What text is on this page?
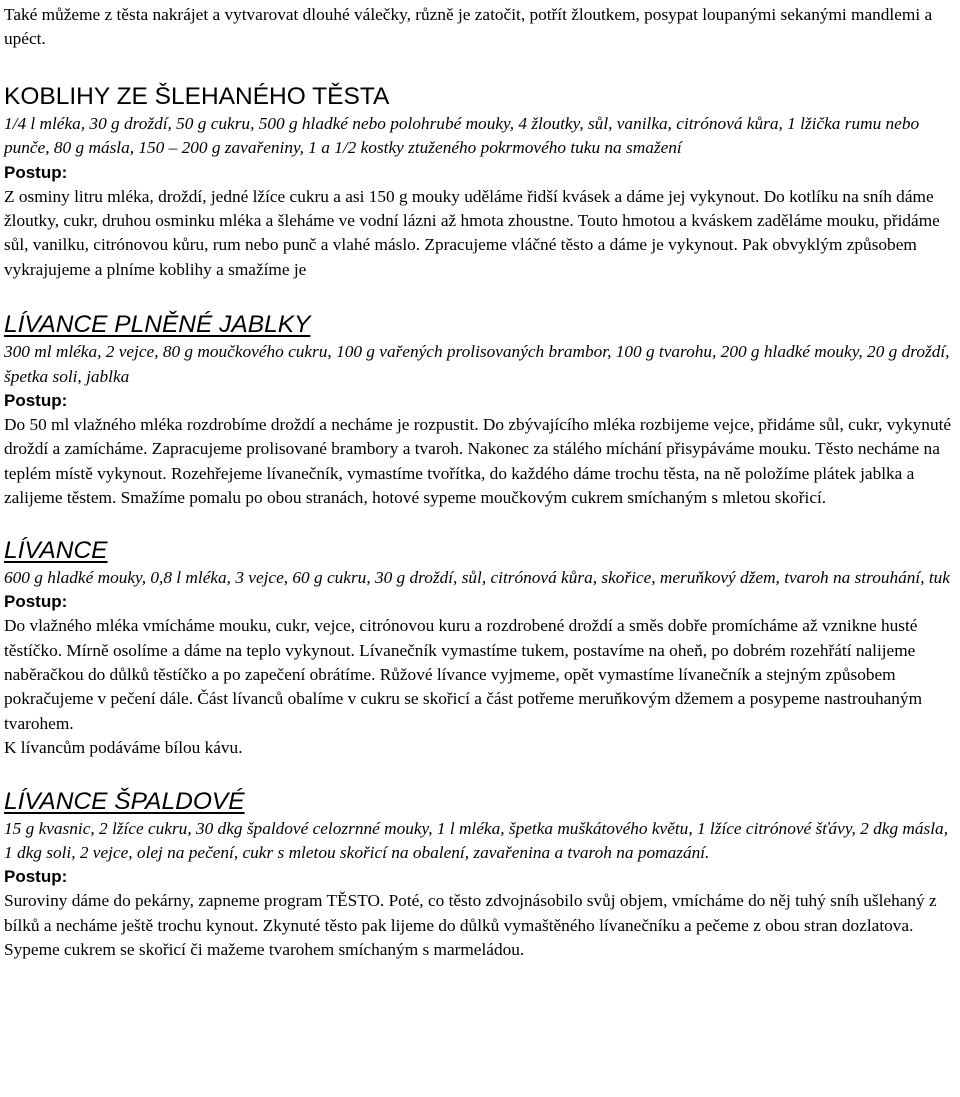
Také můžeme z těsta nakrájet a vytvarovat dlouhé válečky, různě je zatočit, potřít žloutkem, posypat loupanými sekanými mandlemi a upéct.

KOBLIHY ZE ŠLEHANÉHO TĚSTA

1/4 l mléka, 30 g droždí, 50 g cukru, 500 g hladké nebo polohrubé mouky, 4 žloutky, sůl, vanilka, citrónová kůra, 1 lžička rumu nebo punče, 80 g másla, 150 – 200 g zavařeniny, 1 a 1/2 kostky ztuženého pokrmového tuku na smažení

Postup:

Z osminy litru mléka, droždí, jedné lžíce cukru a asi 150 g mouky uděláme řidší kvásek a dáme jej vykynout. Do kotlíku na sníh dáme žloutky, cukr, druhou osminku mléka a šleháme ve vodní lázni až hmota zhoustne. Touto hmotou a kváskem zaděláme mouku, přidáme sůl, vanilku, citrónovou kůru, rum nebo punč a vlahé máslo. Zpracujeme vláčné těsto a dáme je vykynout. Pak obvyklým způsobem vykrajujeme a plníme koblihy a smažíme je

LÍVANCE PLNĚNÉ JABLKY

300 ml mléka, 2 vejce, 80 g moučkového cukru, 100 g vařených prolisovaných brambor, 100 g tvarohu, 200 g hladké mouky, 20 g droždí, špetka soli, jablka

Postup:

Do 50 ml vlažného mléka rozdrobíme droždí a necháme je rozpustit. Do zbývajícího mléka rozbijeme vejce, přidáme sůl, cukr, vykynuté droždí a zamícháme. Zapracujeme prolisované brambory a tvaroh. Nakonec za stálého míchání přisypáváme mouku. Těsto necháme na teplém místě vykynout. Rozehřejeme lívanečník, vymastíme tvořítka, do každého dáme trochu těsta, na ně položíme plátek jablka a zalijeme těstem. Smažíme pomalu po obou stranách, hotové sypeme moučkovým cukrem smíchaným s mletou skořicí.

LÍVANCE

600 g hladké mouky, 0,8 l mléka, 3 vejce, 60 g cukru, 30 g droždí, sůl, citrónová kůra, skořice, meruňkový džem, tvaroh na strouhání, tuk

Postup:

Do vlažného mléka vmícháme mouku, cukr, vejce, citrónovou kuru a rozdrobené droždí a směs dobře promícháme až vznikne husté těstíčko. Mírně osolíme a dáme na teplo vykynout. Lívanečník vymastíme tukem, postavíme na oheň, po dobrém rozehřátí nalijeme naběračkou do důlků těstíčko a po zapečení obrátíme. Růžové lívance vyjmeme, opět vymastíme lívanečník a stejným způsobem pokračujeme v pečení dále. Část lívanců obalíme v cukru se skořicí a část potřeme meruňkovým džemem a posypeme nastrouhaným tvarohem.

K lívancům podáváme bílou kávu.

LÍVANCE ŠPALDOVÉ

15 g kvasnic, 2 lžíce cukru, 30 dkg špaldové celozrnné mouky, 1 l mléka, špetka muškátového květu, 1 lžíce citrónové šťávy, 2 dkg másla, 1 dkg soli, 2 vejce, olej na pečení, cukr s mletou skořicí na obalení, zavařenina a tvaroh na pomazání.

Postup:

Suroviny dáme do pekárny, zapneme program TĚSTO. Poté, co těsto zdvojnásobilo svůj objem, vmícháme do něj tuhý sníh ušlehaný z bílků a necháme ještě trochu kynout. Zkynuté těsto pak lijeme do důlků vymaštěného lívanečníku a pečeme z obou stran dozlatova.

Sypeme cukrem se skořicí či mažeme tvarohem smíchaným s marmeládou.
